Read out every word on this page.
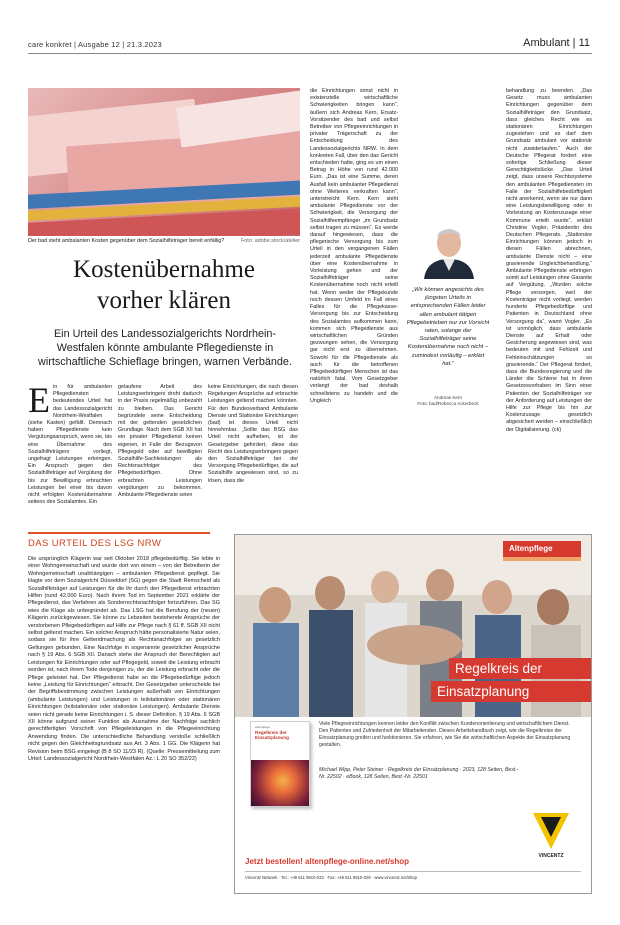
care konkret | Ausgabe 12 | 21.3.2023	Ambulant | 11
Der bad steht ambulanten Kosten gegenüber dem Sozialhilfeträger bereit enfällig?	Foto: adobe.stock/atelier
Kostenübernahme
vorher klären
Ein Urteil des Landessozialgerichts Nordrhein-Westfalen könnte ambulante Pflegedienste in wirtschaftliche Schieflage bringen, warnen Verbände.
E in für ambulanten Pflegediensten bedeutendes Urteil hat das Landessozialgericht Nordrhein-Westfalen (siehe Kasten) gefällt. Demnach haben Pflegedienste kein Vergütungsanspruch, wenn sie, bis eine Übernahme des Sozialhilfeträgers vorliegt, ungefragt Leistungen erbringen. Ein Anspruch gegen den Sozialhilfeträger auf Vergütung der bis zur Bewilligung erbrachten Leistungen bei einer bis davon nicht erfolgten Kostenübernahme seitens des Sozialamtes. Ein
gelaufene Arbeit des Leistungserbringers droht dadurch in der Praxis regelmäßig unbezahlt zu bleiben. Das Gericht begründete seine Entscheidung mit der geltenden gesetzlichen Grundlage. Nach dem SGB XII hat ein privater Pflegedienst keinen eigenen, in Falle der Bezugsvon Pflegegeld oder auf bewilligten Sozialhilfe-Sachleistungen als Rechtsnachfolger des Pflegebedürftigen. Ohne erbrachten Leistungen vergütungen zu bekommen. Ambulante Pflegedienste seien
keine Einrichtungen, die nach diesen Regelungen Ansprüche auf erbrachte Leistungen geltend machen könnten. Für den Bundesverband Ambulante Dienste und Stationäre Einrichtungen (bad) ist dieses Urteil nicht hinnehmbar. „Sollte das BSG das Urteil nicht aufheben, ist der Gesetzgeber gefordert, diese das Recht des Leistungserbringers gegen den Sozialhilfeträger bei der Versorgung Pflegebedürftiger, die auf Sozialhilfe angewiesen sind, so zu lösen, dass die
die Einrichtungen sonst nicht in existenzielle wirtschaftliche Schwierigkeiten bringen kann“, äußern sich Andreas Kern, Ersatz-Vorsitzender des bad und selbst Betreiber von Pflegeeinrichtungen in privater Trägerschaft zu der Entscheidung des Landessozialgerichts NRW. In dem konkreten Fall, über den das Gericht entschieden hatte, ging es um einen Betrag in Höhe von rund 42.000 Euro. „Das ist eine Summe, deren Ausfall kein ambulanter Pflegedienst ohne Weiteres verkraften kann“, unterstreicht Kern. Kern sieht ambulante Pflegedienste vor der Schwierigkeit, die Versorgung der Sozialhilfeempfänger „im Grundsatz selbst tragen zu müssen“. Es werde darauf hingewiesen, dass die pflegerische Versorgung bis zum Urteil in den vergangenen Fällen jederzeit ambulante Pflegedienste über eine Kostenübernahme in Vorleistung gehen und der Sozialhilfeträger seine Kostenübernahme noch nicht erteilt hat. Wenn weder der Pflegekunde noch dessen Umfeld im Fall eines Falles für die Pflegekasse-Versorgung bis zur Entscheidung des Sozialamtes aufkommen kann, kommen sich Pflegedienste aus wirtschaftlichen Gründen gezwungen sehen, die Versorgung gar nicht erst zu übernehmen. Sowohl für die Pflegedienste als auch für die betroffenen Pflegebedürftigen Menschen ist das natürlich fatal. Vom Gesetzgeber verlangt der bad deshalb schnellstens zu handeln und die Ungleich
„Wir können angesichts des jüngsten Urteils in entsprechenden Fällen leider allen ambulant tätigen Pflegebetrieben nur zur Vorsicht raten, solange der Sozialhilfeträger seine Kostenübernahme noch nicht – zumindest vorläufig – erklärt hat.“
Andreas Kern
Foto: bad/Rebecca Ackerbeck
behandlung zu beenden. „Das Gesetz muss ambulanten Einrichtungen gegenüber dem Sozialhilfeträger den Grundsatz, dass gleiches Recht wie es stationären Einrichtungen zugestehen und es darf dem Grundsatz ambulant vor stationär nicht zuwiderlaufen.“ Auch der Deutsche Pflegerat fordert eine sofortige Schließung dieser Gerechtigkeitslücke. „Das Urteil zeigt, dass unsere Rechtssysteme den ambulanten Pflegediensten im Falle der Sozialhilfebedürftigkeit nicht anerkennt, wenn sie nur dann eine Leistungsbewilligung oder in Vorleistung an Kostenzusage einer Kommune erteilt wurde“, erklärt Christine Vogler, Präsidentin des Deutschen Pflegerats. „Stationäre Einrichtungen können jedoch in diesen Fällen abrechnen, ambulante Dienste nicht – eine gravierende Ungleichbehandlung.“ Ambulante Pflegedienste erbringen somit auf Leistungen ohne Garantie auf Vergütung. „Wurden solche Pflege versorgen, weil der Kostenträger nicht vorliegt, werden hunderte Pflegebedürftige und Patienten in Deutschland ohne Versorgung da“, warnt Vogler. „Es ist unmöglich, dass ambulante Dienste auf Erhalt oder Gesicherung angewiesen sind, was bedeuten mit und Fehlzeit und Fehleinschätzungen so gravierende.“ Der Pflegerat fordert, dass die Bundesregierung und die Länder die Schiene hat in ihren Gesetzesvorhaben im Sinn einer Patienten der Sozialhilfeträger vor der Anforderung auf Leistungen der Hilfe zur Pflege bis hin zur Kostenzusage gesetzlich abgesichert werden – einschließlich der Digitalisierung. (ck)
DAS URTEIL DES LSG NRW
Die ursprünglich Klägerin war seit Oktober 2018 pflegebedürftig. Sie lebte in einer Wohngemeinschaft und wurde dort von einem – von der Betreiberin der Wohngemeinschaft unabhängigen – ambulanten Pflegedienst gepflegt. Sie klagte vor dem Sozialgericht Düsseldorf (SG) gegen die Stadt Remscheid als Sozialhilfeträger auf Leistungen für die ihr durch den Pflegedienst erbrachten Hilfen (rund 42.000 Euro). Nach ihrem Tod im September 2021 erklärte der Pflegedienst, das Verfahren als Sonderrechtsnachfolger fortzuführen. Das SG wies die Klage als unbegründet ab. Das LSG hat die Berufung der (neuen) Klägerin zurückgewiesen. Sie könne zu Lebzeiten bestehende Ansprüche der verstorbenen Pflegebedürftigen auf Hilfe zur Pflege nach § 61 ff. SGB XII nicht selbst geltend machen. Ein solcher Anspruch hätte personalisierte Natur seien, sodass sie für ihre Geltendmachung als Rechtsnachfolger an gesetzlich Geltungen gebunden. Eine Nachfolge in sogenannte gesetzlicher Ansprüche nach § 19 Abs. 6 SGB XII. Danach stehe der Anspruch der Berechtigten auf Leistungen für Einrichtungen oder auf Pflegegeld, soweit die Leistung erbracht worden ist, nach ihrem Tode denjenigen zu, der die Leistung erbracht oder die Pflege geleistet hat. Der Pflegedienst habe an die Pflegebedürftige jedoch keine „Leistung für Einrichtungen“ erbracht. Der Gesetzgeber unterscheide bei der Begriffsbestimmung zwischen Leistungen außerhalb von Einrichtungen (ambulante Leistungen) und Leistungen in teilstationären oder stationären Einrichtungen (teilstationäre oder stationäre Leistungen). Ambulante Dienste seien nicht gerade keine Einrichtungen i. S. dieser Definition. § 19 Abs. 6 SGB XII könne aufgrund seiner Funktion als Ausnahme der Nachfolge sachlich gerechtfertigten Vorschrift von Pflegeleistungen in die Pflegeeinrichtung Anwendung finden. Die unterschiedliche Behandlung verstoße schließlich nicht gegen den Gleichheitsgrundsatz aus Art. 3 Abs. 1 GG. Die Klägerin hat Revision beim BSG eingelegt (B 8 SO 11/23 R). (Quelle: Pressemitteilung zum Urteil: Landessozialgericht Nordrhein-Westfalen Az.: L 20 SO 352/22)
Altenpflege
Regelkreis der
Einsatzplanung
Altenpflege
Regelkreis der Einsatzplanung
Viele Pflegeeinrichtungen kennen leider den Konflikt zwischen Kundenorientierung und wirtschaftlichem Dienst. Den Patienten und Zufriedenheit der Mitarbeitenden. Dieses Arbeitshandbuch zeigt, wie die Regelkreise der Einsatzplanung greifen und funktionieren. Sie erfahren, wie Sie die wirtschaftlichen Aspekte der Einsatzplanung gestalten.
Michael Wipp, Peter Steiner · Regelkreis der Einsatzplanung · 2023, 128 Seiten, Best.-Nr. 22502 · eBook, 128 Seiten, Best.-Nr. 22501
VINCENTZ
Jetzt bestellen! altenpflege-online.net/shop
Vincentz Network · Tel.: +49 511 9910-033 · Fax: +49 511 9910-029 · www.vincentz.net/shop
